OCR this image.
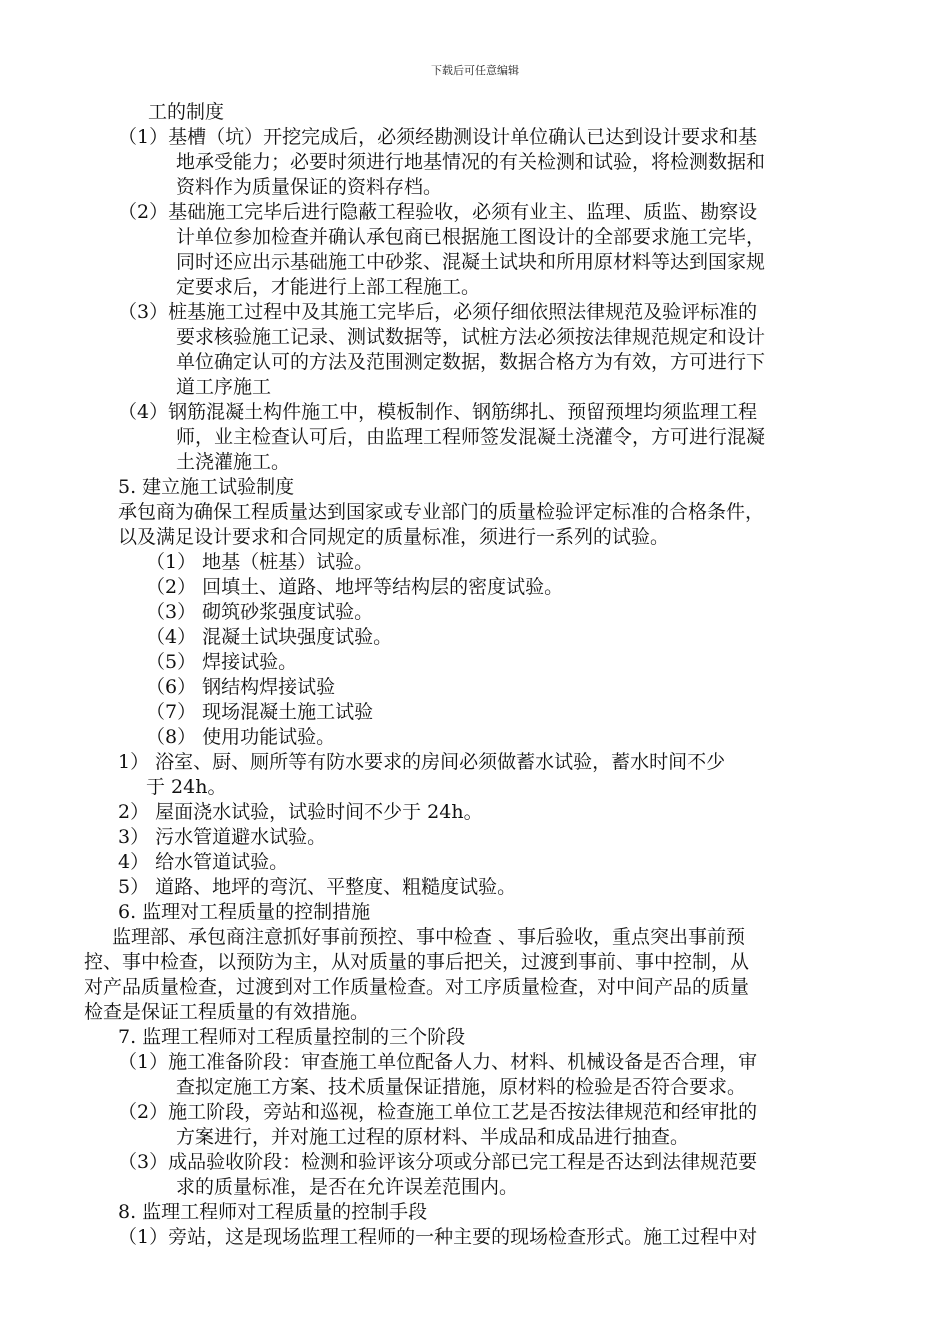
下载后可任意编辑
工的制度
（1）基槽（坑）开挖完成后，必须经勘测设计单位确认已达到设计要求和基
地承受能力；必要时须进行地基情况的有关检测和试验，将检测数据和
资料作为质量保证的资料存档。
（2）基础施工完毕后进行隐蔽工程验收，必须有业主、监理、质监、勘察设
计单位参加检查并确认承包商已根据施工图设计的全部要求施工完毕，
同时还应出示基础施工中砂浆、混凝土试块和所用原材料等达到国家规
定要求后，才能进行上部工程施工。
（3）桩基施工过程中及其施工完毕后，必须仔细依照法律规范及验评标准的
要求核验施工记录、测试数据等，试桩方法必须按法律规范规定和设计
单位确定认可的方法及范围测定数据，数据合格方为有效，方可进行下
道工序施工
（4）钢筋混凝土构件施工中，模板制作、钢筋绑扎、预留预埋均须监理工程
师，业主检查认可后，由监理工程师签发混凝土浇灌令，方可进行混凝
土浇灌施工。
5. 建立施工试验制度
承包商为确保工程质量达到国家或专业部门的质量检验评定标准的合格条件，
以及满足设计要求和合同规定的质量标准，须进行一系列的试验。
（1） 地基（桩基）试验。
（2） 回填土、道路、地坪等结构层的密度试验。
（3） 砌筑砂浆强度试验。
（4） 混凝土试块强度试验。
（5） 焊接试验。
（6） 钢结构焊接试验
（7） 现场混凝土施工试验
（8） 使用功能试验。
1） 浴室、厨、厕所等有防水要求的房间必须做蓄水试验，蓄水时间不少
于 24h。
2） 屋面浇水试验，试验时间不少于 24h。
3） 污水管道避水试验。
4） 给水管道试验。
5） 道路、地坪的弯沉、平整度、粗糙度试验。
6. 监理对工程质量的控制措施
监理部、承包商注意抓好事前预控、事中检查 、事后验收，重点突出事前预
控、事中检查，以预防为主，从对质量的事后把关，过渡到事前、事中控制，从
对产品质量检查，过渡到对工作质量检查。对工序质量检查，对中间产品的质量
检查是保证工程质量的有效措施。
7. 监理工程师对工程质量控制的三个阶段
（1）施工准备阶段：审查施工单位配备人力、材料、机械设备是否合理，审
查拟定施工方案、技术质量保证措施，原材料的检验是否符合要求。
（2）施工阶段，旁站和巡视，检查施工单位工艺是否按法律规范和经审批的
方案进行，并对施工过程的原材料、半成品和成品进行抽查。
（3）成品验收阶段：检测和验评该分项或分部已完工程是否达到法律规范要
求的质量标准，是否在允许误差范围内。
8. 监理工程师对工程质量的控制手段
（1）旁站，这是现场监理工程师的一种主要的现场检查形式。施工过程中对
